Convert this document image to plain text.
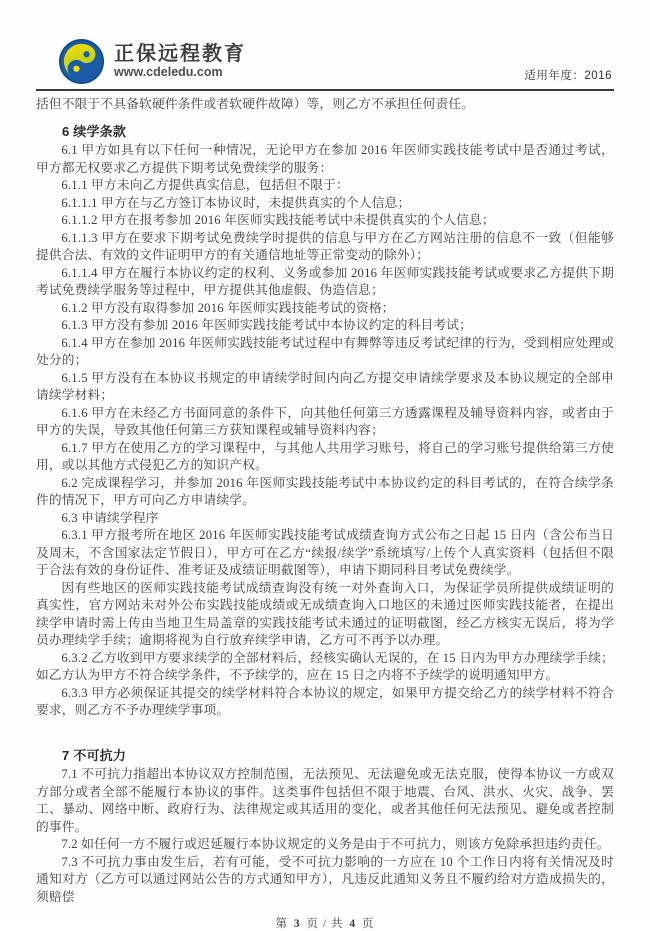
正保远程教育
www.cdeledu.com	适用年度：2016
括但不限于不具备软硬件条件或者软硬件故障）等，则乙方不承担任何责任。
6 续学条款
6.1 甲方如具有以下任何一种情况，无论甲方在参加 2016 年医师实践技能考试中是否通过考试，甲方都无权要求乙方提供下期考试免费续学的服务：
6.1.1 甲方未向乙方提供真实信息，包括但不限于：
6.1.1.1 甲方在与乙方签订本协议时，未提供真实的个人信息；
6.1.1.2 甲方在报考参加 2016 年医师实践技能考试中未提供真实的个人信息；
6.1.1.3 甲方在要求下期考试免费续学时提供的信息与甲方在乙方网站注册的信息不一致（但能够提供合法、有效的文件证明甲方的有关通信地址等正常变动的除外）；
6.1.1.4 甲方在履行本协议约定的权利、义务或参加 2016 年医师实践技能考试或要求乙方提供下期考试免费续学服务等过程中，甲方提供其他虚假、伪造信息；
6.1.2 甲方没有取得参加 2016 年医师实践技能考试的资格；
6.1.3 甲方没有参加 2016 年医师实践技能考试中本协议约定的科目考试；
6.1.4 甲方在参加 2016 年医师实践技能考试过程中有舞弊等违反考试纪律的行为，受到相应处理或处分的；
6.1.5 甲方没有在本协议书规定的申请续学时间内向乙方提交申请续学要求及本协议规定的全部申请续学材料；
6.1.6 甲方在未经乙方书面同意的条件下，向其他任何第三方透露课程及辅导资料内容，或者由于甲方的失误，导致其他任何第三方获知课程或辅导资料内容；
6.1.7 甲方在使用乙方的学习课程中，与其他人共用学习账号，将自己的学习账号提供给第三方使用，或以其他方式侵犯乙方的知识产权。
6.2 完成课程学习，并参加 2016 年医师实践技能考试中本协议约定的科目考试的，在符合续学条件的情况下，甲方可向乙方申请续学。
6.3 申请续学程序
6.3.1 甲方报考所在地区 2016 年医师实践技能考试成绩查询方式公布之日起 15 日内（含公布当日及周末，不含国家法定节假日），甲方可在乙方“续报/续学”系统填写/上传个人真实资料（包括但不限于合法有效的身份证件、准考证及成绩证明截图等），申请下期同科目考试免费续学。
因有些地区的医师实践技能考试成绩查询没有统一对外查询入口，为保证学员所提供成绩证明的真实性，官方网站未对外公布实践技能成绩或无成绩查询入口地区的未通过医师实践技能者，在提出续学申请时需上传由当地卫生局盖章的实践技能考试未通过的证明截图，经乙方核实无误后，将为学员办理续学手续；逾期将视为自行放弃续学申请，乙方可不再予以办理。
6.3.2 乙方收到甲方要求续学的全部材料后，经核实确认无误的，在 15 日内为甲方办理续学手续；如乙方认为甲方不符合续学条件，不予续学的，应在 15 日之内将不予续学的说明通知甲方。
6.3.3 甲方必须保证其提交的续学材料符合本协议的规定，如果甲方提交给乙方的续学材料不符合要求，则乙方不予办理续学事项。
7 不可抗力
7.1 不可抗力指超出本协议双方控制范围，无法预见、无法避免或无法克服，使得本协议一方或双方部分或者全部不能履行本协议的事件。这类事件包括但不限于地震、台风、洪水、火灾、战争、罢工、暴动、网络中断、政府行为、法律规定或其适用的变化，或者其他任何无法预见、避免或者控制的事件。
7.2 如任何一方不履行或迟延履行本协议规定的义务是由于不可抗力，则该方免除承担违约责任。
7.3 不可抗力事由发生后，若有可能，受不可抗力影响的一方应在 10 个工作日内将有关情况及时通知对方（乙方可以通过网站公告的方式通知甲方），凡违反此通知义务且不履约给对方造成损失的，须赔偿
第 3 页 / 共 4 页
